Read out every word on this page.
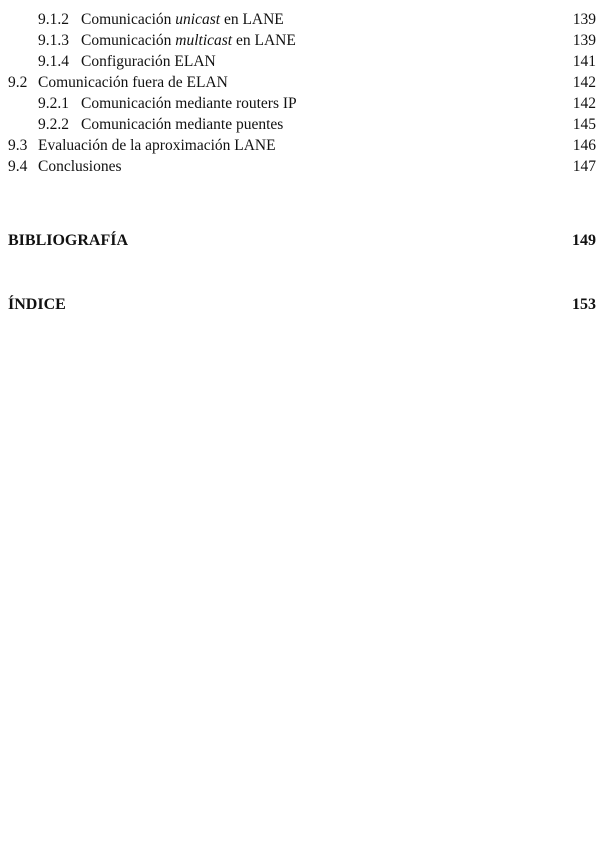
9.1.2 Comunicación unicast en LANE	139
9.1.3 Comunicación multicast en LANE	139
9.1.4 Configuración ELAN	141
9.2 Comunicación fuera de ELAN	142
9.2.1 Comunicación mediante routers IP	142
9.2.2 Comunicación mediante puentes	145
9.3 Evaluación de la aproximación LANE	146
9.4 Conclusiones	147
BIBLIOGRAFÍA	149
ÍNDICE	153
